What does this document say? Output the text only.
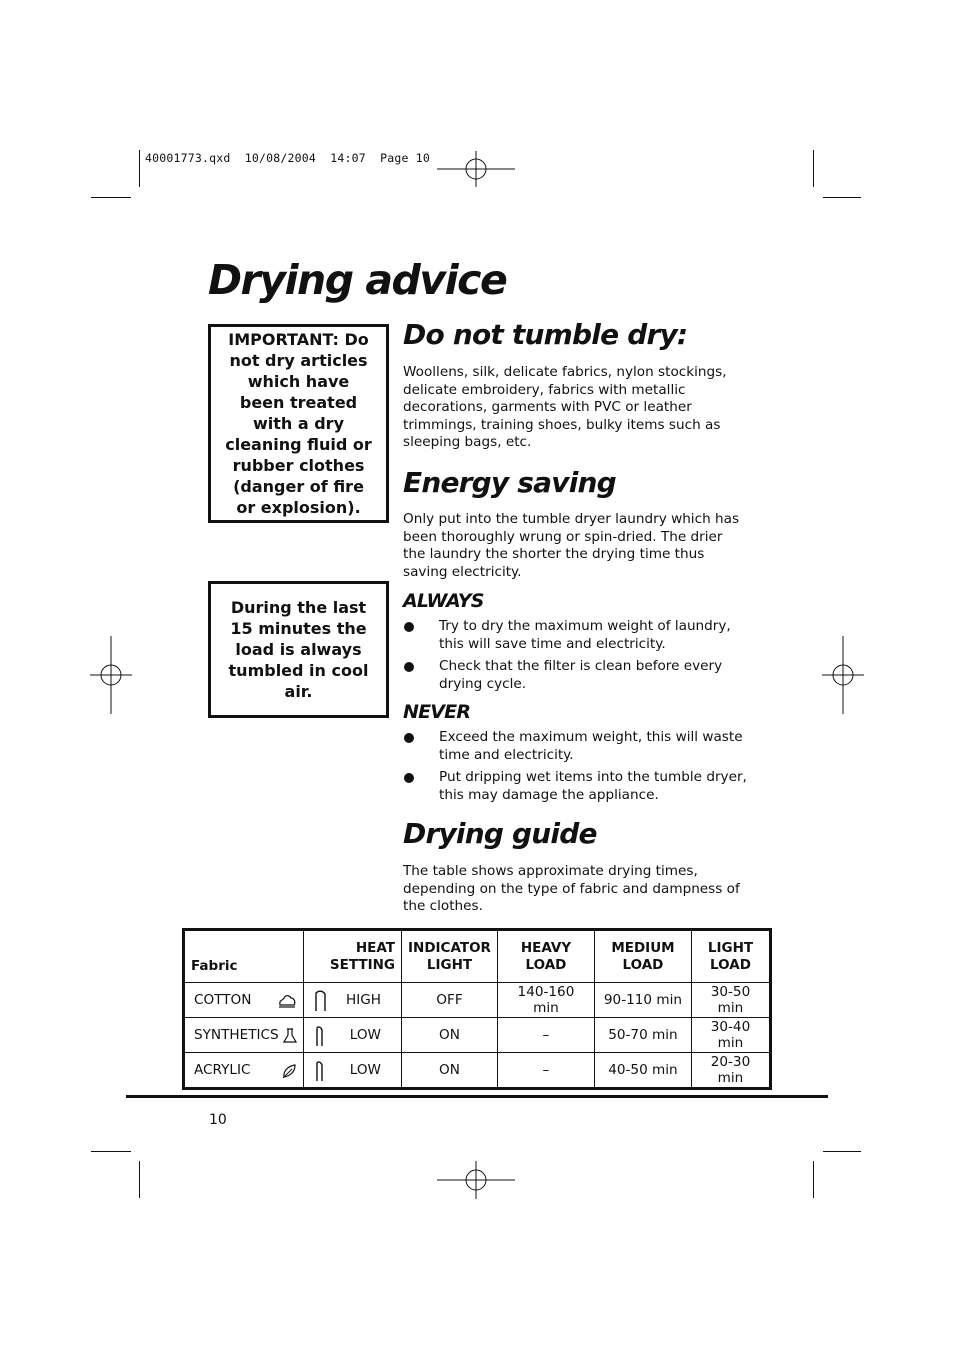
40001773.qxd  10/08/2004  14:07  Page 10
Drying advice
IMPORTANT: Do not dry articles which have been treated with a dry cleaning fluid or rubber clothes (danger of fire or explosion).
During the last 15 minutes the load is always tumbled in cool air.
Do not tumble dry:

Woollens, silk, delicate fabrics, nylon stockings, delicate embroidery, fabrics with metallic decorations, garments with PVC or leather trimmings, training shoes, bulky items such as sleeping bags, etc.

Energy saving

Only put into the tumble dryer laundry which has been thoroughly wrung or spin-dried. The drier the laundry the shorter the drying time thus saving electricity.

ALWAYS
Try to dry the maximum weight of laundry, this will save time and electricity.
Check that the filter is clean before every drying cycle.
NEVER
Exceed the maximum weight, this will waste time and electricity.
Put dripping wet items into the tumble dryer, this may damage the appliance.
Drying guide

The table shows approximate drying times, depending on the type of fabric and dampness of the clothes.

Fabric	HEAT SETTING	INDICATOR LIGHT	HEAVY LOAD	MEDIUM LOAD	LIGHT LOAD
COTTON	HIGH	OFF	140-160 min	90-110 min	30-50 min
SYNTHETICS	LOW	ON	–	50-70 min	30-40 min
ACRYLIC	LOW	ON	–	40-50 min	20-30 min
10
